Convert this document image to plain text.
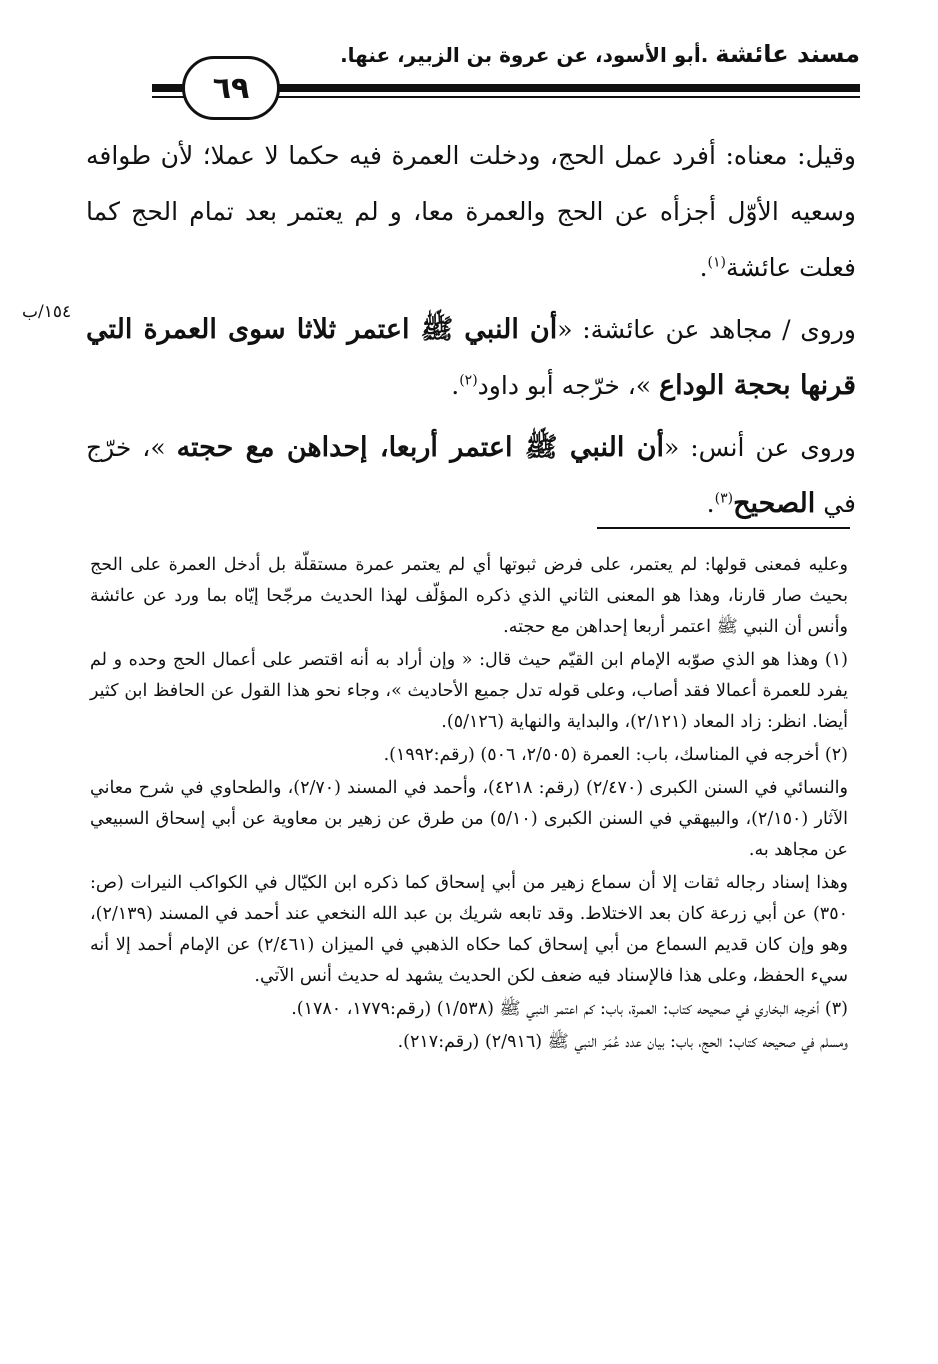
مسند عائشة .أبو الأسود، عن عروة بن الزبير، عنها.
٦٩
١٥٤/ب

وقيل: معناه: أفرد عمل الحج، ودخلت العمرة فيه حكما لا عملا؛ لأن طوافه وسعيه الأوّل أجزأه عن الحج والعمرة معا، و لم يعتمر بعد تمام الحج كما فعلت عائشة$^{(١)}$.

وروى / مجاهد عن عائشة: «أن النبي ﷺ اعتمر ثلاثا سوى العمرة التي قرنها بحجة الوداع »، خرّجه أبو داود$^{(٢)}$.

وروى عن أنس: «أن النبي ﷺ اعتمر أربعا، إحداهن مع حجته »، خرّج في الصحيح$^{(٣)}$.

وعليه فمعنى قولها: لم يعتمر، على فرض ثبوتها أي لم يعتمر عمرة مستقلّة بل أدخل العمرة على الحج بحيث صار قارنا، وهذا هو المعنى الثاني الذي ذكره المؤلّف لهذا الحديث مرجّحا إيّاه بما ورد عن عائشة وأنس أن النبي ﷺ اعتمر أربعا إحداهن مع حجته.

(١) وهذا هو الذي صوّبه الإمام ابن القيّم حيث قال: « وإن أراد به أنه اقتصر على أعمال الحج وحده و لم يفرد للعمرة أعمالا فقد أصاب، وعلى قوله تدل جميع الأحاديث »، وجاء نحو هذا القول عن الحافظ ابن كثير أيضا. انظر: زاد المعاد (٢/١٢١)، والبداية والنهاية (٥/١٢٦).

(٢) أخرجه في المناسك، باب: العمرة (٢/٥٠٥، ٥٠٦) (رقم:١٩٩٢).

والنسائي في السنن الكبرى (٢/٤٧٠) (رقم: ٤٢١٨)، وأحمد في المسند (٢/٧٠)، والطحاوي في شرح معاني الآثار (٢/١٥٠)، والبيهقي في السنن الكبرى (٥/١٠) من طرق عن زهير بن معاوية عن أبي إسحاق السبيعي عن مجاهد به.

وهذا إسناد رجاله ثقات إلا أن سماع زهير من أبي إسحاق كما ذكره ابن الكيّال في الكواكب النيرات (ص: ٣٥٠) عن أبي زرعة كان بعد الاختلاط. وقد تابعه شريك بن عبد الله النخعي عند أحمد في المسند (٢/١٣٩)، وهو وإن كان قديم السماع من أبي إسحاق كما حكاه الذهبي في الميزان (٢/٤٦١) عن الإمام أحمد إلا أنه سيء الحفظ، وعلى هذا فالإسناد فيه ضعف لكن الحديث يشهد له حديث أنس الآتي.

(٣) أخرجه البخاري في صحيحه كتاب: العمرة، باب: كم اعتمر النبي ﷺ (١/٥٣٨) (رقم:١٧٧٩، ١٧٨٠).

ومسلم في صحيحه كتاب: الحج، باب: بيان عدد عُمَر النبي ﷺ (٢/٩١٦) (رقم:٢١٧).
